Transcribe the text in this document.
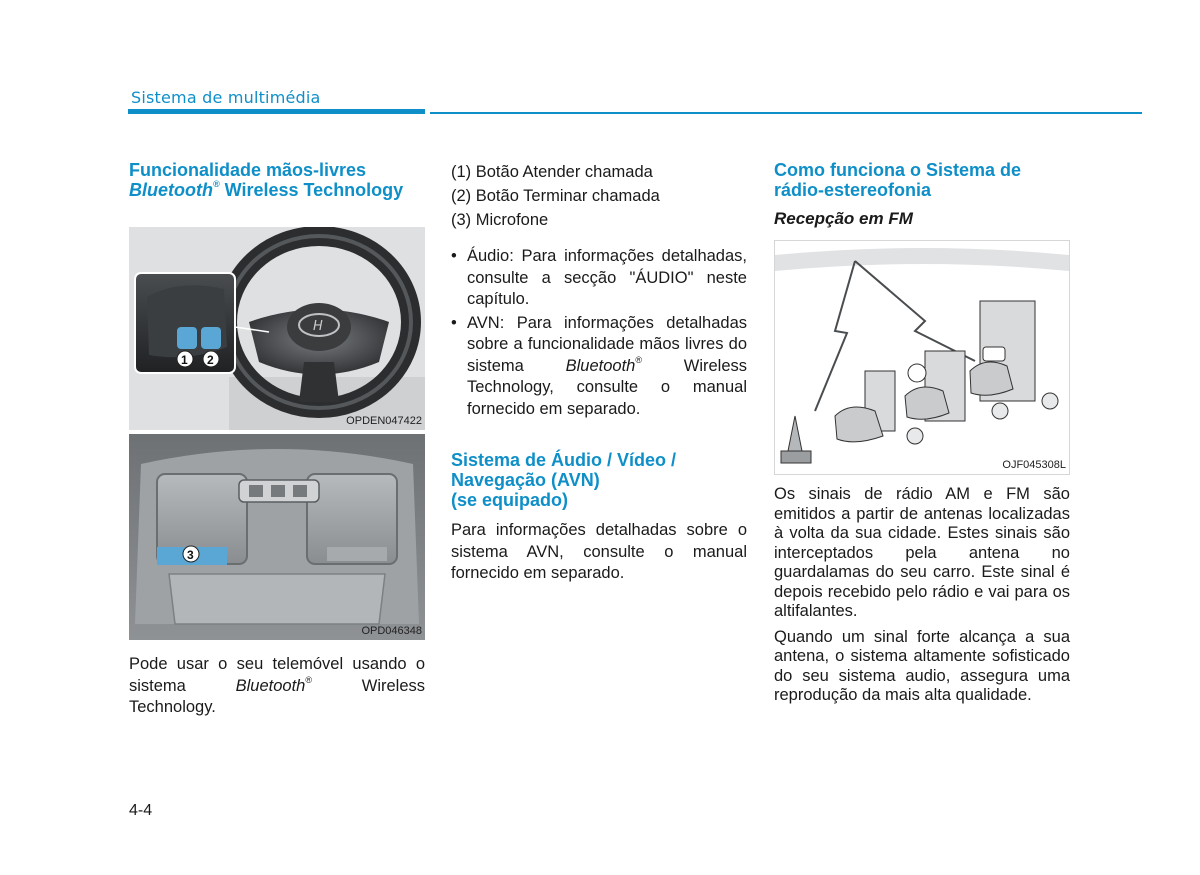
Sistema de multimédia
Funcionalidade mãos-livres
Bluetooth® Wireless Technology
H
1 2
OPDEN047422
3
OPD046348

Pode usar o seu telemóvel usando o sistema Bluetooth® Wireless Technology.

(1) Botão Atender chamada
(2) Botão Terminar chamada
(3) Microfone
• Áudio: Para informações detalhadas, consulte a secção "ÁUDIO" neste capítulo.
• AVN: Para informações detalhadas sobre a funcionalidade mãos livres do sistema Bluetooth® Wireless Technology, consulte o manual fornecido em separado.
Sistema de Áudio / Vídeo /
Navegação (AVN)
(se equipado)

Para informações detalhadas sobre o sistema AVN, consulte o manual fornecido em separado.

Como funciona o Sistema de
rádio-estereofonia
Recepção em FM
OJF045308L

Os sinais de rádio AM e FM são emitidos a partir de antenas localizadas à volta da sua cidade. Estes sinais são interceptados pela antena no guardalamas do seu carro. Este sinal é depois recebido pelo rádio e vai para os altifalantes.

Quando um sinal forte alcança a sua antena, o sistema altamente sofisticado do seu sistema audio, assegura uma reprodução da mais alta qualidade.

4-4
